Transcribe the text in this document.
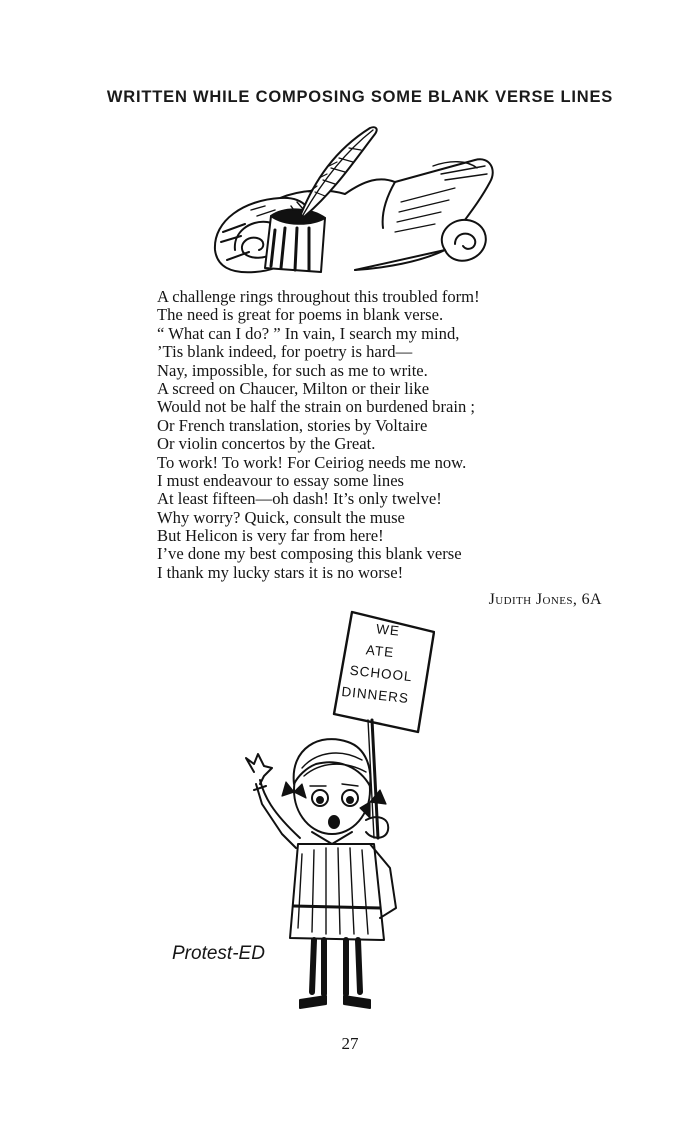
WRITTEN WHILE COMPOSING SOME BLANK VERSE LINES
A challenge rings throughout this troubled form!
The need is great for poems in blank verse.
“ What can I do? ” In vain, I search my mind,
’Tis blank indeed, for poetry is hard—
Nay, impossible, for such as me to write.
A screed on Chaucer, Milton or their like
Would not be half the strain on burdened brain ;
Or French translation, stories by Voltaire
Or violin concertos by the Great.
To work! To work! For Ceiriog needs me now.
I must endeavour to essay some lines
At least fifteen—oh dash! It’s only twelve!
Why worry? Quick, consult the muse
But Helicon is very far from here!
I’ve done my best composing this blank verse
I thank my lucky stars it is no worse!
Judith Jones, 6A
WE
ATE
SCHOOL
DINNERS
Protest-ED
27
